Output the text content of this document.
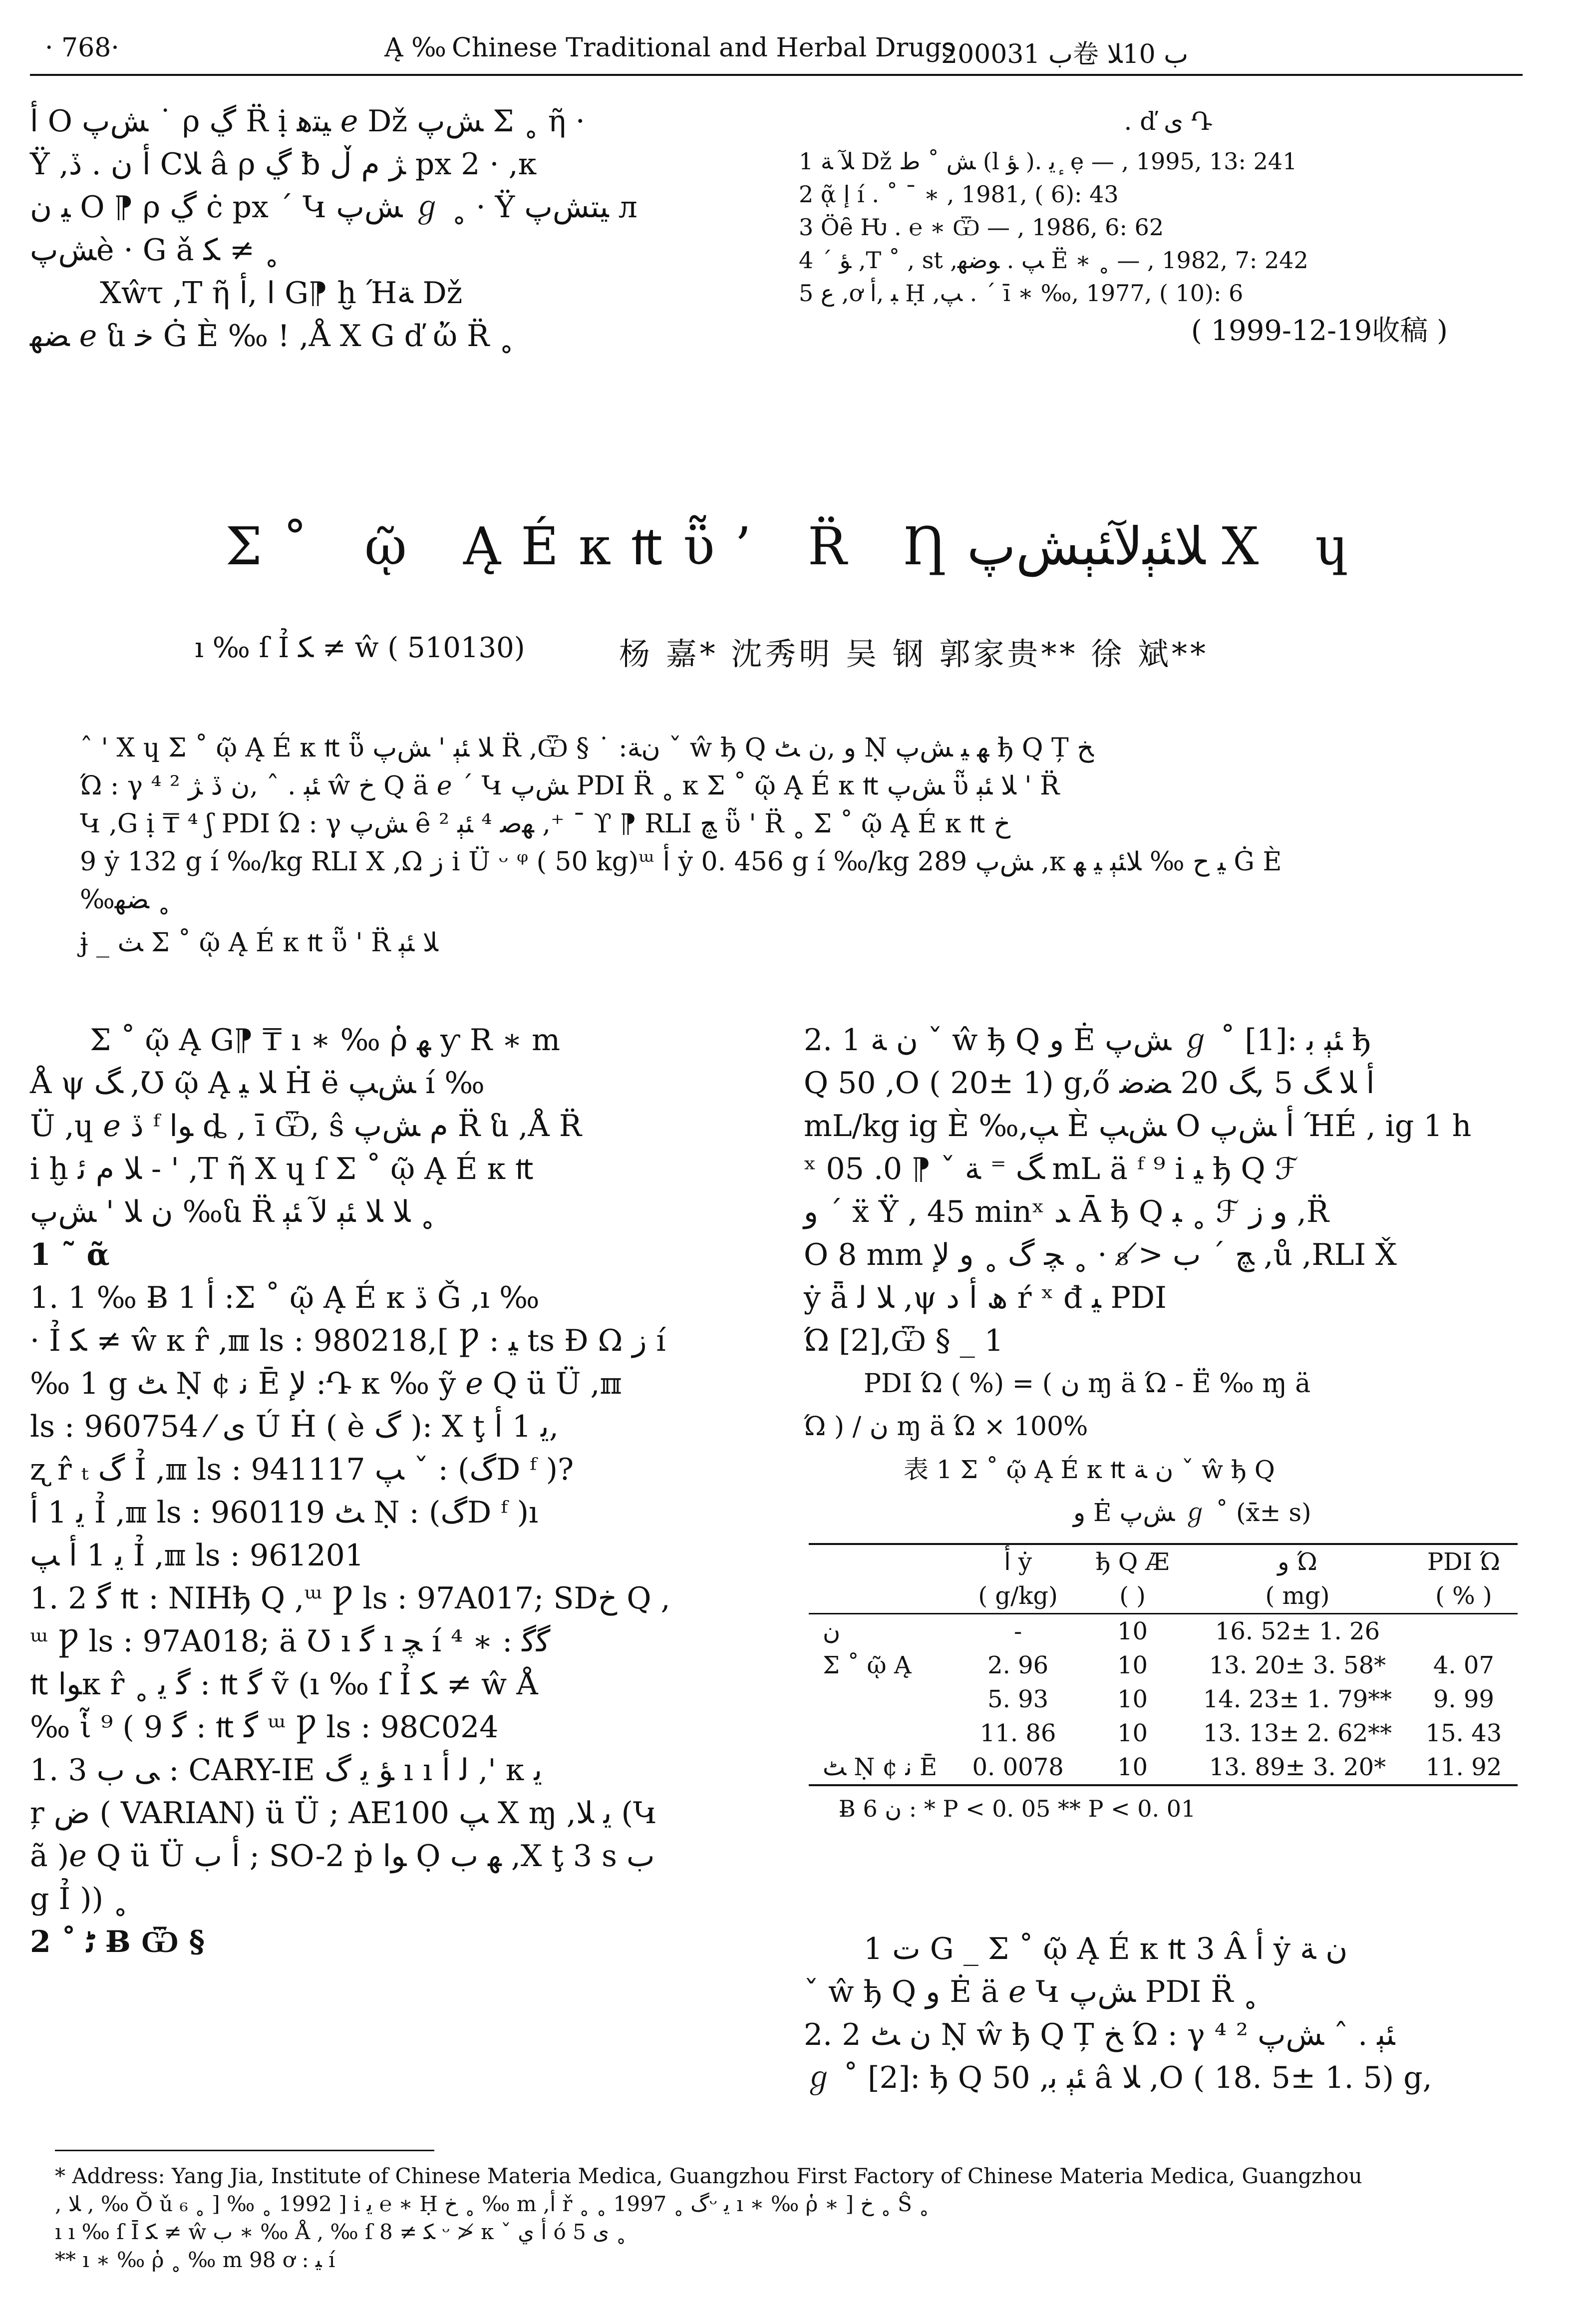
· 768·	Ą ‰ Chinese Traditional and Herbal Drugs
2000ب 31卷 ب 10ﻼ
ﺃ O ﺶﭖ ˙ ρ ڲ R̈ ị ﯿﺘﻫ ℯ Dž ﺶﭖ Σ ˳ ῆ ·
Ÿ ,ﺃ ﻥ . ڏ Cﻼ â ρ ڲ ƀ ﮋ ﻡ ڵ px 2 · ,κ
ﯿ ﻥ O ⁋ ρ ڲ ċ px ´ Կ ﺶﭖ ℊ ˳ · Ÿ ﯿﺘﺶﭖ л
ﺶﭖè · G ǎ ﮑ ≠ ˳
Xŵτ ,T ῆ ﺍ ,ﺃ G⁋ ḫ Ήﺔ Dž
ﻀﻬ ℯ ն ﺧ Ġ È ‰ ! ,Å X G ď ὤ R̈ ˳
. ď ﯼ Դ
1 ﻶ ﺔ Dž ﺶ ˚ ط (l ﺆ ). ﯾ ٕ ẹ — , 1995, 13: 241
2 ᾷ ﺇ í . ˚ ¯ ∗ , 1981, ( 6): 43
3 Öȇ Ƕ . ℮ ∗ Ѿ — , 1986, 6: 62
4 ´ ﺆ ,T ˚ , st ,ﭗ . ﻮﺿﻬ Ë ∗ ˳ — , 1982, 7: 242
5 ﻉ ,ơ ﺒ ,ﺃ Ḥ ,ﭗ . ´ ī ∗ ‰, 1977, ( 10): 6
( 1999-12-19收稿 )
Σ˚ ῷ ĄÉκ₶ῧ’ R̈ Ƞﻼﺌﯧﻵﺌﯧﺶﭖ X ɥ
ı ‰ ſ Ỉ ﮑ ≠ ŵ ( 510130)	杨 嘉* 沈秀明 吴 钢 郭家贵** 徐 斌**
ˆ ' X ɥ Σ ˚ ῷ Ą É κ ₶ ῧ ﻼ ﺌﯧ ' ﺶﭖ R̈ ,Ѿ § ˙ :ﻥﺔ ˇ ŵ ђ Q ﻭ ,ﻥ ﭧ Ṇ ﮭ ﯿ ﺶﭖ ђ Q Ț ﺦ
Ώ : γ ⁴ ² ﺌﯧ . ˆ ,ﻥ ڏ ﮋ ŵ ﺥ Q ä ℯ ´ Կ ﺶﭖ PDI R̈ ˳ κ Σ ˚ ῷ Ą É κ ₶ ﺶﭖ ῧ ﻼ ﺌﯧ ' R̈
Կ ,G ị ₸ ⁴ ʃ PDI Ώ : γ ﺶﭖ ȇ ﻬﺻ ⁴ ﺌﯧ ² ,⁺ ˉ ϒ ⁋ RLI ﭻ ῧ ' R̈ ˳ Σ ˚ ῷ Ą É κ ₶ ﺥ
9 ẏ 132 g í ‰/kg RLI X ,Ω ﺯ ⅰ Ü ᵕ ᵠ ( 50 kg)ᵚ ﺃ ẏ 0. 456 g í ‰/kg ﺶﭖ 289 ,κ ﯿ ﺡ ‰ ﻼﺌﯧ ﯿ ﮭ Ġ È
‰ﻀﻬ ˳
ɉ _ ﺚ Σ ˚ ῷ Ą É κ ₶ ῧ ' R̈ ﻼ ﺌﯧ
Σ ˚ ῷ Ą G⁋ ₸ ı ∗ ‰ ῥ ﮭ ƴ R ∗ m
Å ψ ﮓ ,Ʊ ῷ Ą ﻼ ﯿ Ḣ ë ﺶﭗ í ‰
Ü ,ɥ ℯ ڏ ᶠ ﻮﺍ ȡ , ī Ѿ, ŝ ﻡ ﺶﭖ R̈ ն ,Å R̈
ⅰ ḫ ﻼ ﻡ ﺋ - ' ,T ῆ X ɥ ſ Σ ˚ ῷ Ą É κ ₶
ﻥ ﻼ ' ﺶﭖ ‰ն R̈ ﻼ ﻼ ﺌﯧ ﻵ ﺌﯧ ˳
1 ˜ ᾶ
1. 1 ‰ Ƀ 1 ﺃ :Σ ˚ ῷ Ą É κ ڏ Ǧ ,ı ‰
· Ỉ ﮑ ≠ ŵ κ r̂ ,ℼ ls : 980218,[ Ƿ : ﯿ ts Ɖ Ω ﺯ í
‰ 1 g ﭧ Ṇ ¢ ﻧ Ē ﻹ :Դ κ ‰ ỹ ℯ Q ü Ü ,ℼ
ls : 960754 ⁄ ﯼ Ú Ḣ ( è ﮒ ): X ţ ﯾ 1 ﺃ,
ʐ r̂ ₜ ﮒ Ỉ ,ℼ ls : 941117 ﭗ ˇ : (ﮒD ᶠ )?
ﯾ 1 ﺃ Ỉ ,ℼ ls : 960119 ﭧ Ṇ : (ﮒD ᶠ )ı
ﯾ 1 ﺃ ﭗ Ỉ ,ℼ ls : 961201
1. 2 ﮔ ₶ : NIHђ Q ,ᵚ Ƿ ls : 97A017; SDﺥ Q ,
ᵚ Ƿ ls : 97A018; ä Ʊ ı ﮔ ı ﭽ í ⁴ ∗ : ﮔﮔ
₶ ﻮﺍκ r̂ ˳ ﮔ ₶ : ﮔ ﯾ ṽ (ı ‰ ſ Ỉ ﮑ ≠ ŵ Å
‰ ἷ ﮔ ₶ : ﮔ 9 ) ⁹ ᵚ Ƿ ls : 98C024
1. 3 ﯽ ﺏ : CARY-IE ﺆ ﯾ ﮒ ı ı ﻟ ﺃ ,' κ ﯾ
ŗ ﺽ ( VARIAN) ü Ü ; AE100 ﭗ X ɱ ,ﯾ ﻼ (Կ
ã )ℯ Q ü Ü ﺃ ﺏ ; SO-2 ṗ ﻮﺍ Ọ ﮭ ﺏ ,X ţ 3 s ﺏ
g Ỉ )) ˳
2 ˚ ﭨ Ƀ Ѿ §
2. 1 ﻥ ﺔ ˇ ŵ ђ Q ﻭ Ė ﺶﭖ ℊ ˚ [1]: ﺌﯧ ﺑ ђ
Q 50 ,O ( 20± 1) g,ő ﺃ ﻼ ﮓ 5 ,ﮓ 20 ﻀﺿ
mL/kg ig È ‰,ﭗ È ﺶﭗ O ﺃ ﺶﭖ ΉÉ , ig 1 h
ˣ ﮓ ⁼ ﺔ ˇ ⁋ 0. 05 mL ä ᶠ ⁹ ⅰ ﯿ ђ Q ℱ
ﻭ ´ ẍ Ÿ , 45 minˣ ﺪ Ā ђ Q ﺒ ˳ ℱ ﻭ ﺯ ,R̈
O 8 mm ﭻ ´ ﺏ ≯ ₈ · ˳ ﭽ ﮒ ˳ ﻭ ﻹ ,ů ,RLI X̌
ẏ ǟ ﻼ ﻟ ,ψ ﮪ ﺃ ﺩ ŕ ˣ đ ﯿ PDI
Ώ [2],Ѿ § _ 1
PDI Ώ ( %) = ( ﻥ ɱ ä Ώ - Ë ‰ ɱ ä
Ώ ) / ﻥ ɱ ä Ώ × 100%
表 1 Σ ˚ ῷ Ą É κ ₶ ﻥ ﺔ ˇ ŵ ђ Q
ﻭ Ė ﺶﭖ ℊ ˚ (x̄± s)
	ﺃ ẏ	ђ Q Æ	ﻭ Ώ	PDI Ώ
	( g/kg)	( )	( mg)	( % )
ﻥ	-	10	16. 52± 1. 26	
Σ ˚ ῷ Ą	2. 96	10	13. 20± 3. 58*	4. 07
	5. 93	10	14. 23± 1. 79**	9. 99
	11. 86	10	13. 13± 2. 62**	15. 43
ﭧ Ṇ ¢ ﻧ Ē	0. 0078	10	13. 89± 3. 20*	11. 92
Ƀ ﻥ 6 : * P < 0. 05 ** P < 0. 01
ﺕ 1 G _ Σ ˚ ῷ Ą É κ ₶ 3 Â ﺃ ẏ ﻥ ﺔ
ˇ ŵ ђ Q ﻭ Ė ä ℯ Կ ﺶﭖ PDI R̈ ˳
2. 2 ﻥ ﭧ Ṇ ŵ ђ Q Ț ﺦ Ώ : γ ⁴ ² ﺌﯧ . ˆ ﺶﭖ
ℊ ˚ [2]: ђ Q 50 ,ﺌﯧ ﺑ â ﻼ ,O ( 18. 5± 1. 5) g,
* Address: Yang Jia, Institute of Chinese Materia Medica, Guangzhou First Factory of Chinese Materia Medica, Guangzhou
, ﻼ , ‰ Ŏ ǔ ₆ ˳ ] ‰ ˳ 1992 ] ⅰ ﯾ ℮ ∗ Ḥ ﺥ ˳ ‰ m ,ﺃ ř ˳ ˳ ﮒ ˳ 1997ᵕ ﯾ ı ∗ ‰ ῥ ∗ ] ﺥ ˳ Ŝ ˳
ı ı ‰ ſ Ī ﮑ ≠ ŵ ﺏ ∗ ‰ Å , ‰ ſ ﮑ ≠ 8 ᵕ ≯ κ ˇ ﺃ ﻱ ó ﯼ 5 ˳
** ı ∗ ‰ ῥ ˳ ‰ m 98 ơ : ﯿ í
